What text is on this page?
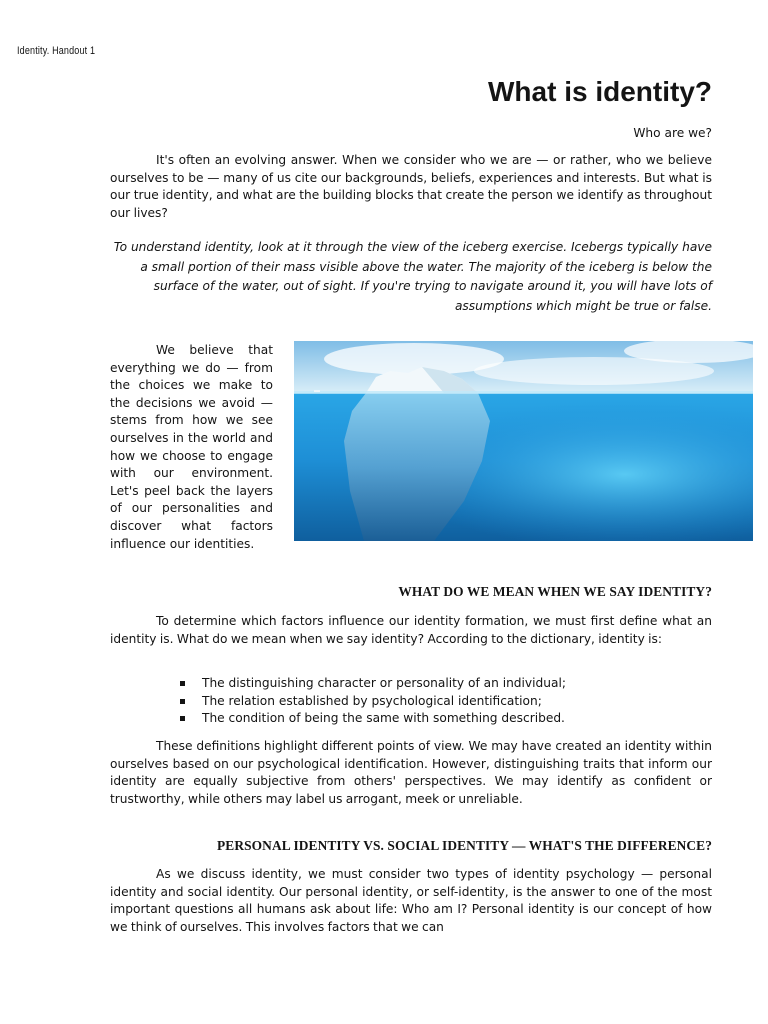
Identity. Handout 1
What is identity?
Who are we?

It's often an evolving answer. When we consider who we are — or rather, who we believe ourselves to be — many of us cite our backgrounds, beliefs, experiences and interests. But what is our true identity, and what are the building blocks that create the person we identify as throughout our lives?

To understand identity, look at it through the view of the iceberg exercise. Icebergs typically have a small portion of their mass visible above the water. The majority of the iceberg is below the surface of the water, out of sight. If you're trying to navigate around it, you will have lots of assumptions which might be true or false.

We believe that everything we do — from the choices we make to the decisions we avoid — stems from how we see ourselves in the world and how we choose to engage with our environment. Let's peel back the layers of our personalities and discover what factors influence our identities.

WHAT DO WE MEAN WHEN WE SAY IDENTITY?

To determine which factors influence our identity formation, we must first define what an identity is. What do we mean when we say identity? According to the dictionary, identity is:

The distinguishing character or personality of an individual;
The relation established by psychological identification;
The condition of being the same with something described.

These definitions highlight different points of view. We may have created an identity within ourselves based on our psychological identification. However, distinguishing traits that inform our identity are equally subjective from others' perspectives. We may identify as confident or trustworthy, while others may label us arrogant, meek or unreliable.

PERSONAL IDENTITY VS. SOCIAL IDENTITY — WHAT'S THE DIFFERENCE?

As we discuss identity, we must consider two types of identity psychology — personal identity and social identity. Our personal identity, or self-identity, is the answer to one of the most important questions all humans ask about life: Who am I? Personal identity is our concept of how we think of ourselves. This involves factors that we can
